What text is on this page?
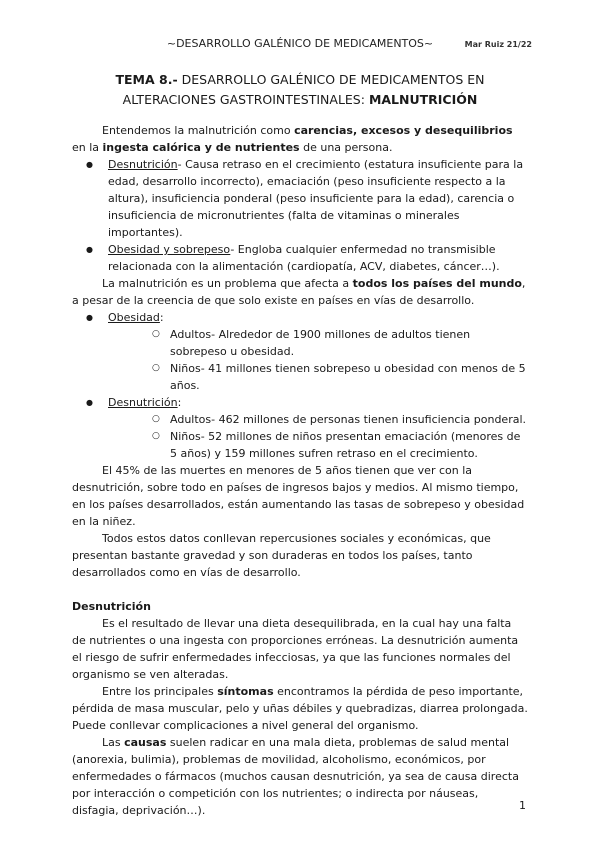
~DESARROLLO GALÉNICO DE MEDICAMENTOS~	Mar Ruiz 21/22
TEMA 8.- DESARROLLO GALÉNICO DE MEDICAMENTOS EN
ALTERACIONES GASTROINTESTINALES: MALNUTRICIÓN

Entendemos la malnutrición como carencias, excesos y desequilibrios en la ingesta calórica y de nutrientes de una persona.

● Desnutrición- Causa retraso en el crecimiento (estatura insuficiente para la edad, desarrollo incorrecto), emaciación (peso insuficiente respecto a la altura), insuficiencia ponderal (peso insuficiente para la edad), carencia o insuficiencia de micronutrientes (falta de vitaminas o minerales importantes).
● Obesidad y sobrepeso- Engloba cualquier enfermedad no transmisible relacionada con la alimentación (cardiopatía, ACV, diabetes, cáncer…).

La malnutrición es un problema que afecta a todos los países del mundo, a pesar de la creencia de que solo existe en países en vías de desarrollo.

● Obesidad:
○ Adultos- Alrededor de 1900 millones de adultos tienen sobrepeso u obesidad.
○ Niños- 41 millones tienen sobrepeso u obesidad con menos de 5 años.
● Desnutrición:
○ Adultos- 462 millones de personas tienen insuficiencia ponderal.
○ Niños- 52 millones de niños presentan emaciación (menores de 5 años) y 159 millones sufren retraso en el crecimiento.

El 45% de las muertes en menores de 5 años tienen que ver con la desnutrición, sobre todo en países de ingresos bajos y medios. Al mismo tiempo, en los países desarrollados, están aumentando las tasas de sobrepeso y obesidad en la niñez.

Todos estos datos conllevan repercusiones sociales y económicas, que presentan bastante gravedad y son duraderas en todos los países, tanto desarrollados como en vías de desarrollo.

Desnutrición

Es el resultado de llevar una dieta desequilibrada, en la cual hay una falta de nutrientes o una ingesta con proporciones erróneas. La desnutrición aumenta el riesgo de sufrir enfermedades infecciosas, ya que las funciones normales del organismo se ven alteradas.

Entre los principales síntomas encontramos la pérdida de peso importante, pérdida de masa muscular, pelo y uñas débiles y quebradizas, diarrea prolongada. Puede conllevar complicaciones a nivel general del organismo.

Las causas suelen radicar en una mala dieta, problemas de salud mental (anorexia, bulimia), problemas de movilidad, alcoholismo, económicos, por enfermedades o fármacos (muchos causan desnutrición, ya sea de causa directa por interacción o competición con los nutrientes; o indirecta por náuseas, disfagia, deprivación…).	1
